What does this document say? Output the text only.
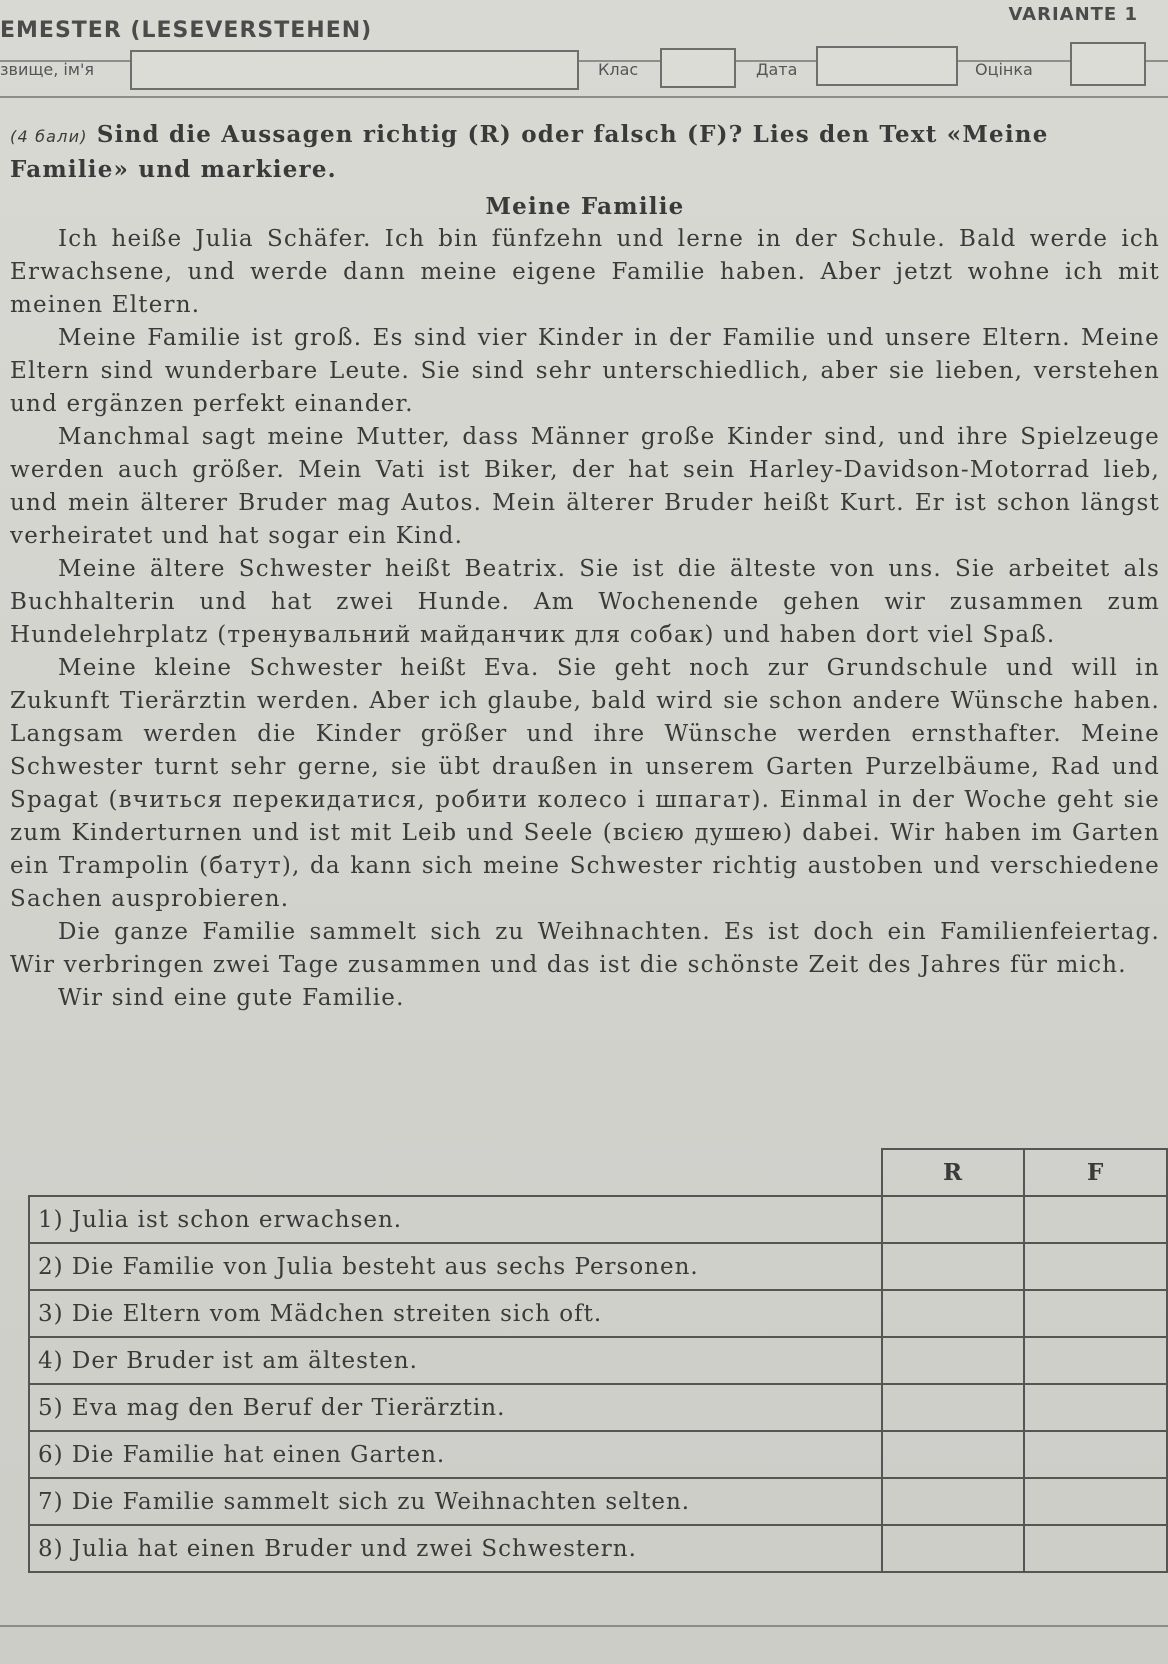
ЕMESTER (LESEVERSTEHEN)
VARIANTE 1
звище, ім'я	Клас	Дата	Оцінка

(4 бали) Sind die Aussagen richtig (R) oder falsch (F)? Lies den Text «Meine Familie» und markiere.

Meine Familie

Ich heiße Julia Schäfer. Ich bin fünfzehn und lerne in der Schule. Bald werde ich Erwachsene, und werde dann meine eigene Familie haben. Aber jetzt wohne ich mit meinen Eltern.

Meine Familie ist groß. Es sind vier Kinder in der Familie und unsere Eltern. Meine Eltern sind wunderbare Leute. Sie sind sehr unterschiedlich, aber sie lieben, verstehen und ergänzen perfekt einander.

Manchmal sagt meine Mutter, dass Männer große Kinder sind, und ihre Spielzeuge werden auch größer. Mein Vati ist Biker, der hat sein Harley-Davidson-Motorrad lieb, und mein älterer Bruder mag Autos. Mein älterer Bruder heißt Kurt. Er ist schon längst verheiratet und hat sogar ein Kind.

Meine ältere Schwester heißt Beatrix. Sie ist die älteste von uns. Sie arbeitet als Buchhalterin und hat zwei Hunde. Am Wochenende gehen wir zusammen zum Hundelehrplatz (тренувальний майданчик для собак) und haben dort viel Spaß.

Meine kleine Schwester heißt Eva. Sie geht noch zur Grundschule und will in Zukunft Tierärztin werden. Aber ich glaube, bald wird sie schon andere Wünsche haben. Langsam werden die Kinder größer und ihre Wünsche werden ernsthafter. Meine Schwester turnt sehr gerne, sie übt draußen in unserem Garten Purzelbäume, Rad und Spagat (вчитьcя перекидатися, робити колесо і шпагат). Einmal in der Woche geht sie zum Kinderturnen und ist mit Leib und Seele (всією душею) dabei. Wir haben im Garten ein Trampolin (батут), da kann sich meine Schwester richtig austoben und verschiedene Sachen ausprobieren.

Die ganze Familie sammelt sich zu Weihnachten. Es ist doch ein Familienfeiertag. Wir verbringen zwei Tage zusammen und das ist die schönste Zeit des Jahres für mich.

Wir sind eine gute Familie.

	R	F
1) Julia ist schon erwachsen.		
2) Die Familie von Julia besteht aus sechs Personen.		
3) Die Eltern vom Mädchen streiten sich oft.		
4) Der Bruder ist am ältesten.		
5) Eva mag den Beruf der Tierärztin.		
6) Die Familie hat einen Garten.		
7) Die Familie sammelt sich zu Weihnachten selten.		
8) Julia hat einen Bruder und zwei Schwestern.		
